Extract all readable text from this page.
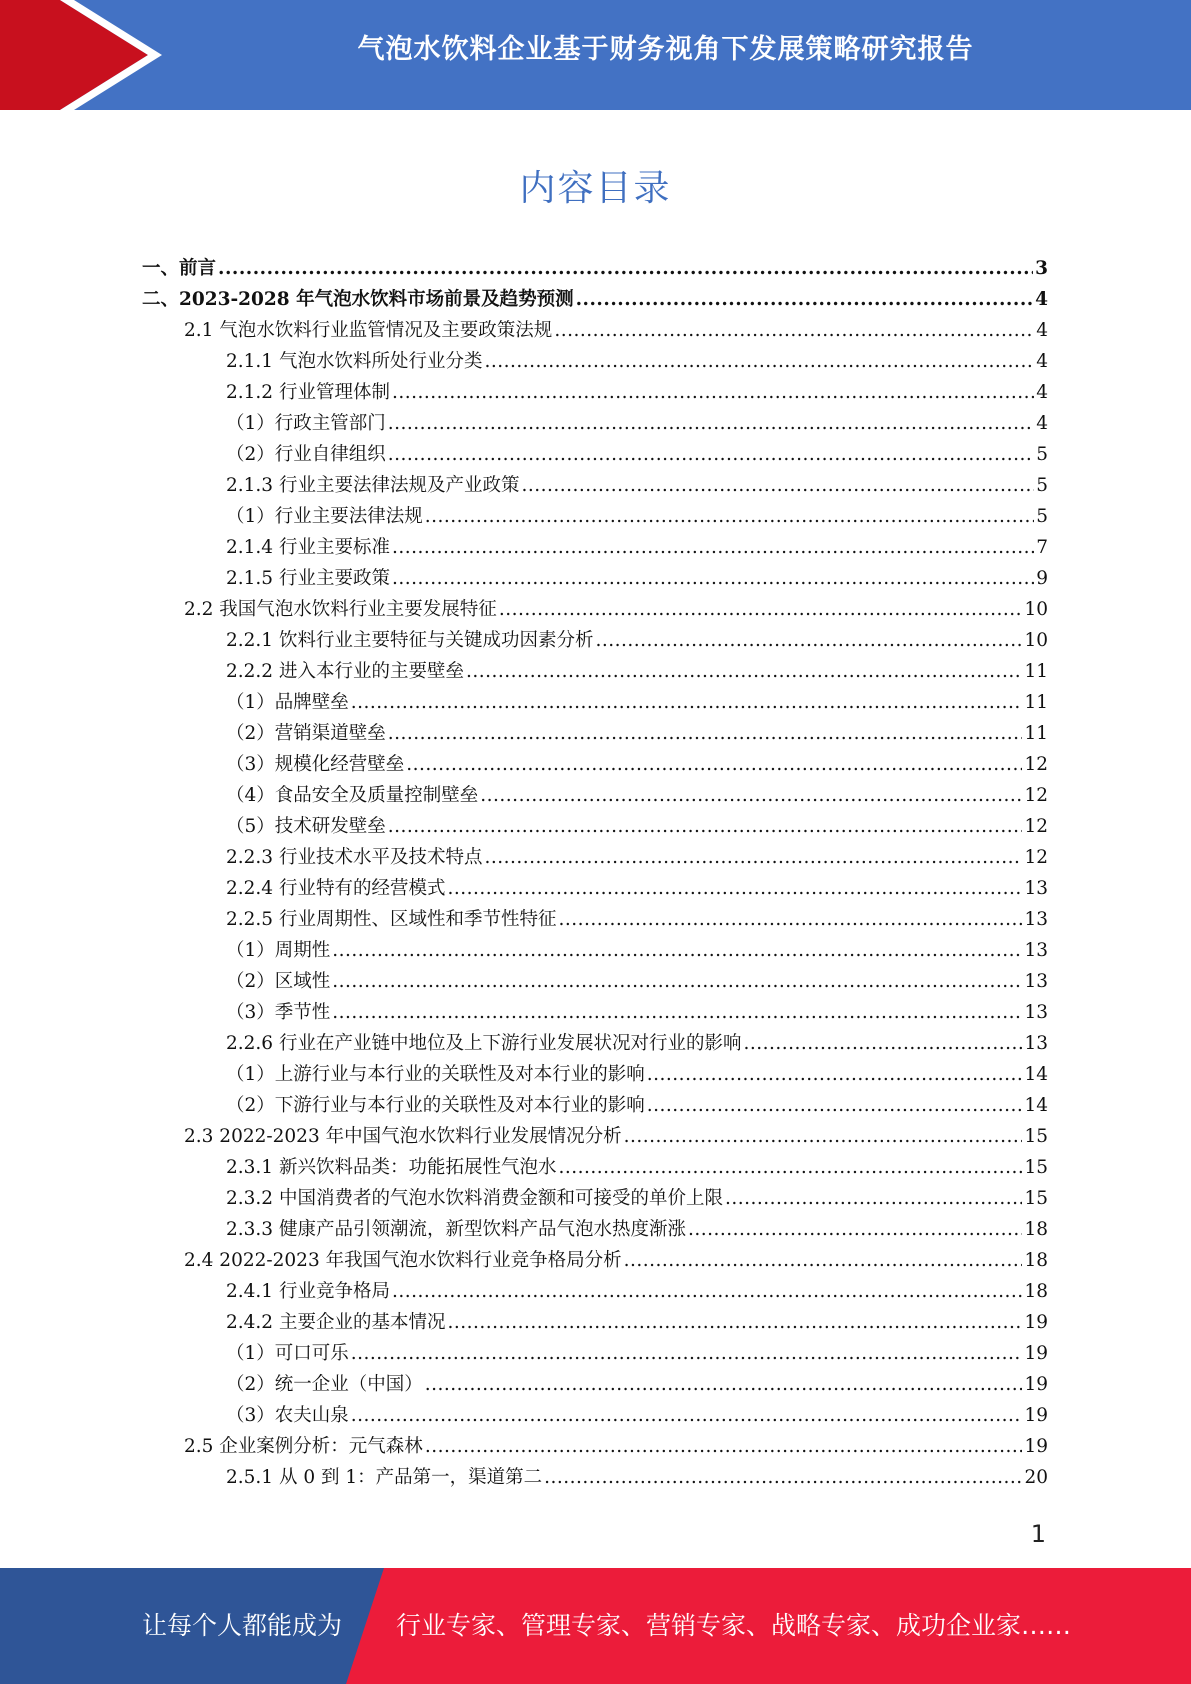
气泡水饮料企业基于财务视角下发展策略研究报告
内容目录
一、前言 .....	3
二、2023-2028 年气泡水饮料市场前景及趋势预测 .....	4
2.1 气泡水饮料行业监管情况及主要政策法规 .....	4
2.1.1 气泡水饮料所处行业分类 .....	4
2.1.2 行业管理体制 .....	4
（1）行政主管部门 .....	4
（2）行业自律组织 .....	5
2.1.3 行业主要法律法规及产业政策 .....	5
（1）行业主要法律法规 .....	5
2.1.4 行业主要标准 .....	7
2.1.5 行业主要政策 .....	9
2.2 我国气泡水饮料行业主要发展特征 .....	10
2.2.1 饮料行业主要特征与关键成功因素分析 .....	10
2.2.2 进入本行业的主要壁垒 .....	11
（1）品牌壁垒 .....	11
（2）营销渠道壁垒 .....	11
（3）规模化经营壁垒 .....	12
（4）食品安全及质量控制壁垒 .....	12
（5）技术研发壁垒 .....	12
2.2.3 行业技术水平及技术特点 .....	12
2.2.4 行业特有的经营模式 .....	13
2.2.5 行业周期性、区域性和季节性特征 .....	13
（1）周期性 .....	13
（2）区域性 .....	13
（3）季节性 .....	13
2.2.6 行业在产业链中地位及上下游行业发展状况对行业的影响 .....	13
（1）上游行业与本行业的关联性及对本行业的影响 .....	14
（2）下游行业与本行业的关联性及对本行业的影响 .....	14
2.3 2022-2023 年中国气泡水饮料行业发展情况分析 .....	15
2.3.1 新兴饮料品类：功能拓展性气泡水 .....	15
2.3.2 中国消费者的气泡水饮料消费金额和可接受的单价上限 .....	15
2.3.3 健康产品引领潮流，新型饮料产品气泡水热度渐涨 .....	18
2.4 2022-2023 年我国气泡水饮料行业竞争格局分析 .....	18
2.4.1 行业竞争格局 .....	18
2.4.2 主要企业的基本情况 .....	19
（1）可口可乐 .....	19
（2）统一企业（中国） .....	19
（3）农夫山泉 .....	19
2.5 企业案例分析：元气森林 .....	19
2.5.1 从 0 到 1：产品第一，渠道第二 .....	20
1
让每个人都能成为 行业专家、管理专家、营销专家、战略专家、成功企业家……
